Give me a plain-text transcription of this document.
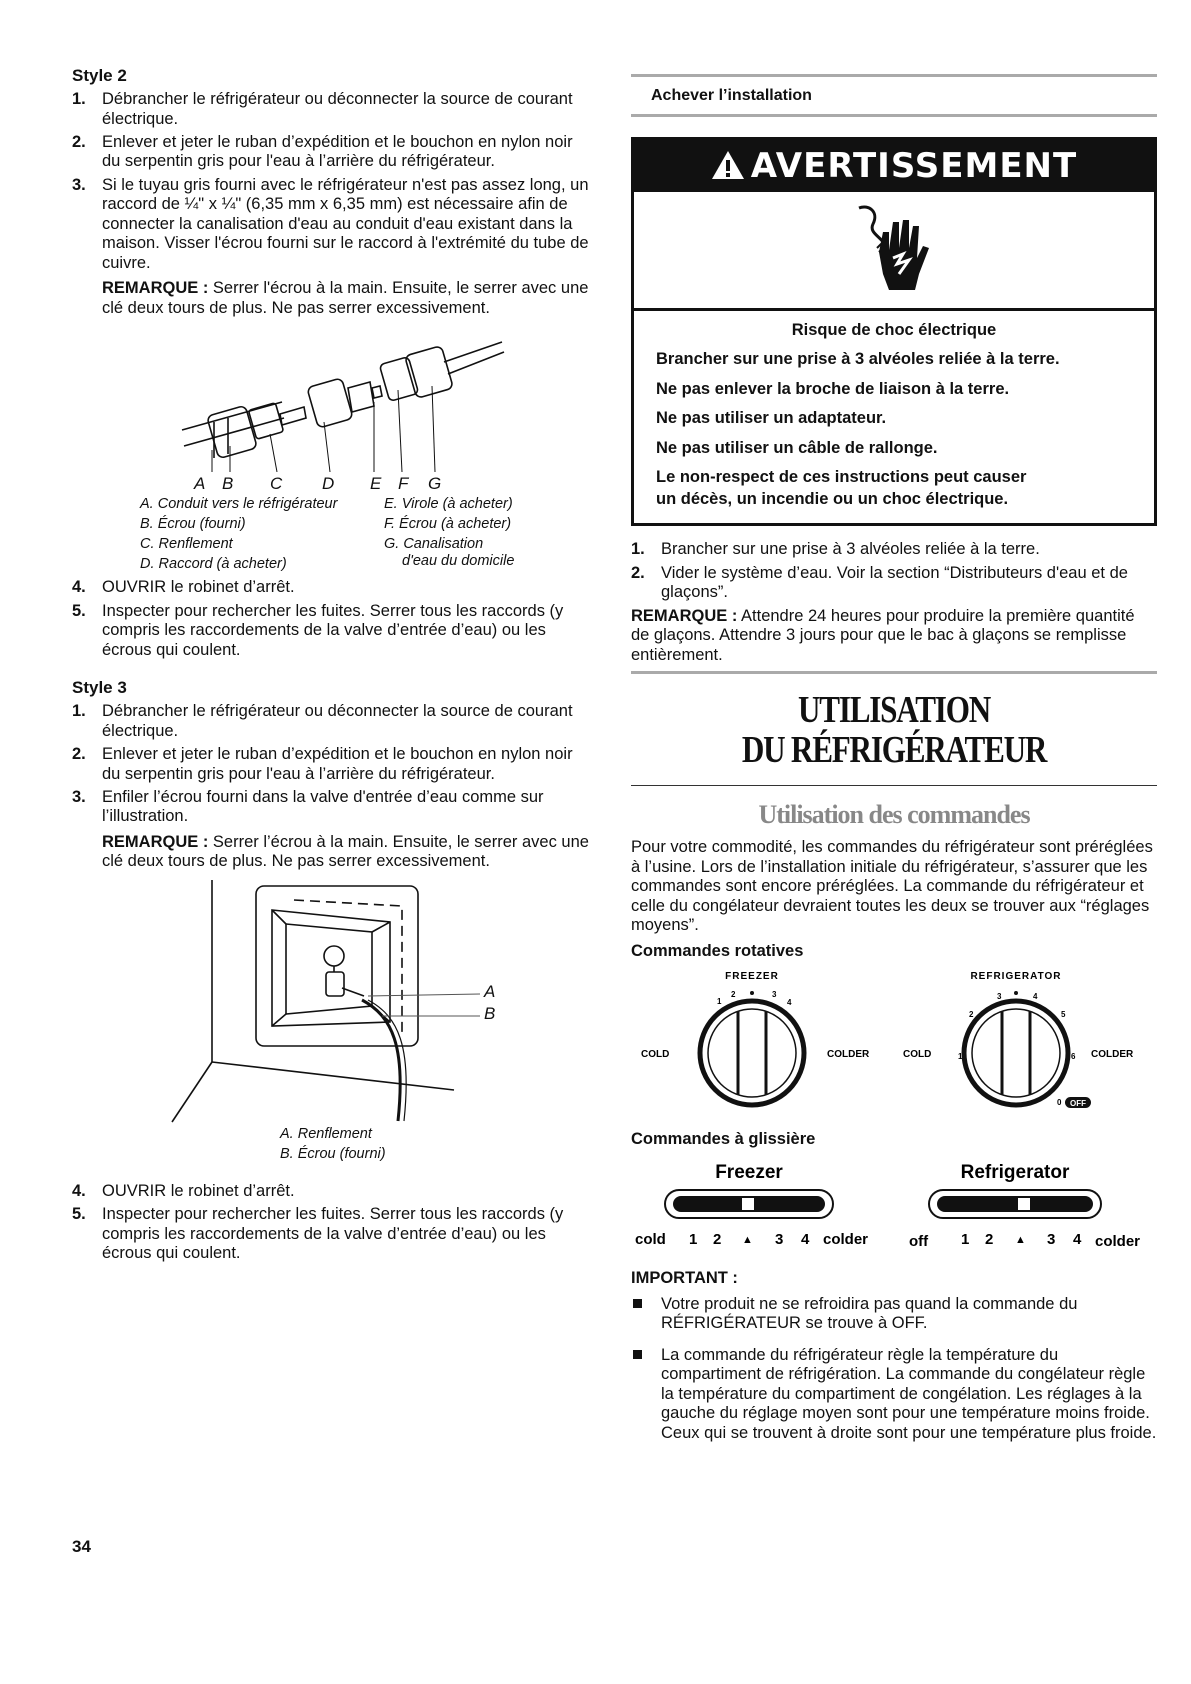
Style 2
1. Débrancher le réfrigérateur ou déconnecter la source de courant électrique.
2. Enlever et jeter le ruban d’expédition et le bouchon en nylon noir du serpentin gris pour l'eau à l’arrière du réfrigérateur.
3. Si le tuyau gris fourni avec le réfrigérateur n'est pas assez long, un raccord de ¼" x ¼" (6,35 mm x 6,35 mm) est nécessaire afin de connecter la canalisation d'eau au conduit d'eau existant dans la maison. Visser l'écrou fourni sur le raccord à l'extrémité du tube de cuivre.
REMARQUE : Serrer l'écrou à la main. Ensuite, le serrer avec une clé deux tours de plus. Ne pas serrer excessivement.
A B C D E F G
A. Conduit vers le réfrigérateur
B. Écrou (fourni)
C. Renflement
D. Raccord (à acheter)
E. Virole (à acheter)
F. Écrou (à acheter)
G. Canalisation
d'eau du domicile
4. OUVRIR le robinet d’arrêt.
5. Inspecter pour rechercher les fuites. Serrer tous les raccords (y compris les raccordements de la valve d’entrée d’eau) ou les écrous qui coulent.
Style 3
1. Débrancher le réfrigérateur ou déconnecter la source de courant électrique.
2. Enlever et jeter le ruban d’expédition et le bouchon en nylon noir du serpentin gris pour l'eau à l’arrière du réfrigérateur.
3. Enfiler l’écrou fourni dans la valve d'entrée d’eau comme sur l’illustration.
REMARQUE : Serrer l’écrou à la main. Ensuite, le serrer avec une clé deux tours de plus. Ne pas serrer excessivement.
A
B
A. Renflement
B. Écrou (fourni)
4. OUVRIR le robinet d’arrêt.
5. Inspecter pour rechercher les fuites. Serrer tous les raccords (y compris les raccordements de la valve d’entrée d’eau) ou les écrous qui coulent.
34
Achever l’installation
AVERTISSEMENT

Risque de choc électrique

Brancher sur une prise à 3 alvéoles reliée à la terre.

Ne pas enlever la broche de liaison à la terre.

Ne pas utiliser un adaptateur.

Ne pas utiliser un câble de rallonge.

Le non-respect de ces instructions peut causer

un décès, un incendie ou un choc électrique.

1. Brancher sur une prise à 3 alvéoles reliée à la terre.
2. Vider le système d’eau. Voir la section “Distributeurs d'eau et de glaçons”.
REMARQUE : Attendre 24 heures pour produire la première quantité de glaçons. Attendre 3 jours pour que le bac à glaçons se remplisse entièrement.
UTILISATION
DU RÉFRIGÉRATEUR
Utilisation des commandes

Pour votre commodité, les commandes du réfrigérateur sont préréglées à l’usine. Lors de l’installation initiale du réfrigérateur, s’assurer que les commandes sont encore préréglées. La commande du réfrigérateur et celle du congélateur devraient toutes les deux se trouver aux “réglages moyens”.

Commandes rotatives
FREEZER
1
2	3
4
COLD	COLDER
REFRIGERATOR
1
2
3	4
5
6
COLD	COLDER
0 OFF
Commandes à glissière
Freezer
cold 1 2 ▲ 3 4 colder
Refrigerator
off 1 2 ▲ 3 4 colder
IMPORTANT :
Votre produit ne se refroidira pas quand la commande du RÉFRIGÉRATEUR se trouve à OFF.
La commande du réfrigérateur règle la température du compartiment de réfrigération. La commande du congélateur règle la température du compartiment de congélation. Les réglages à la gauche du réglage moyen sont pour une température moins froide. Ceux qui se trouvent à droite sont pour une température plus froide.
